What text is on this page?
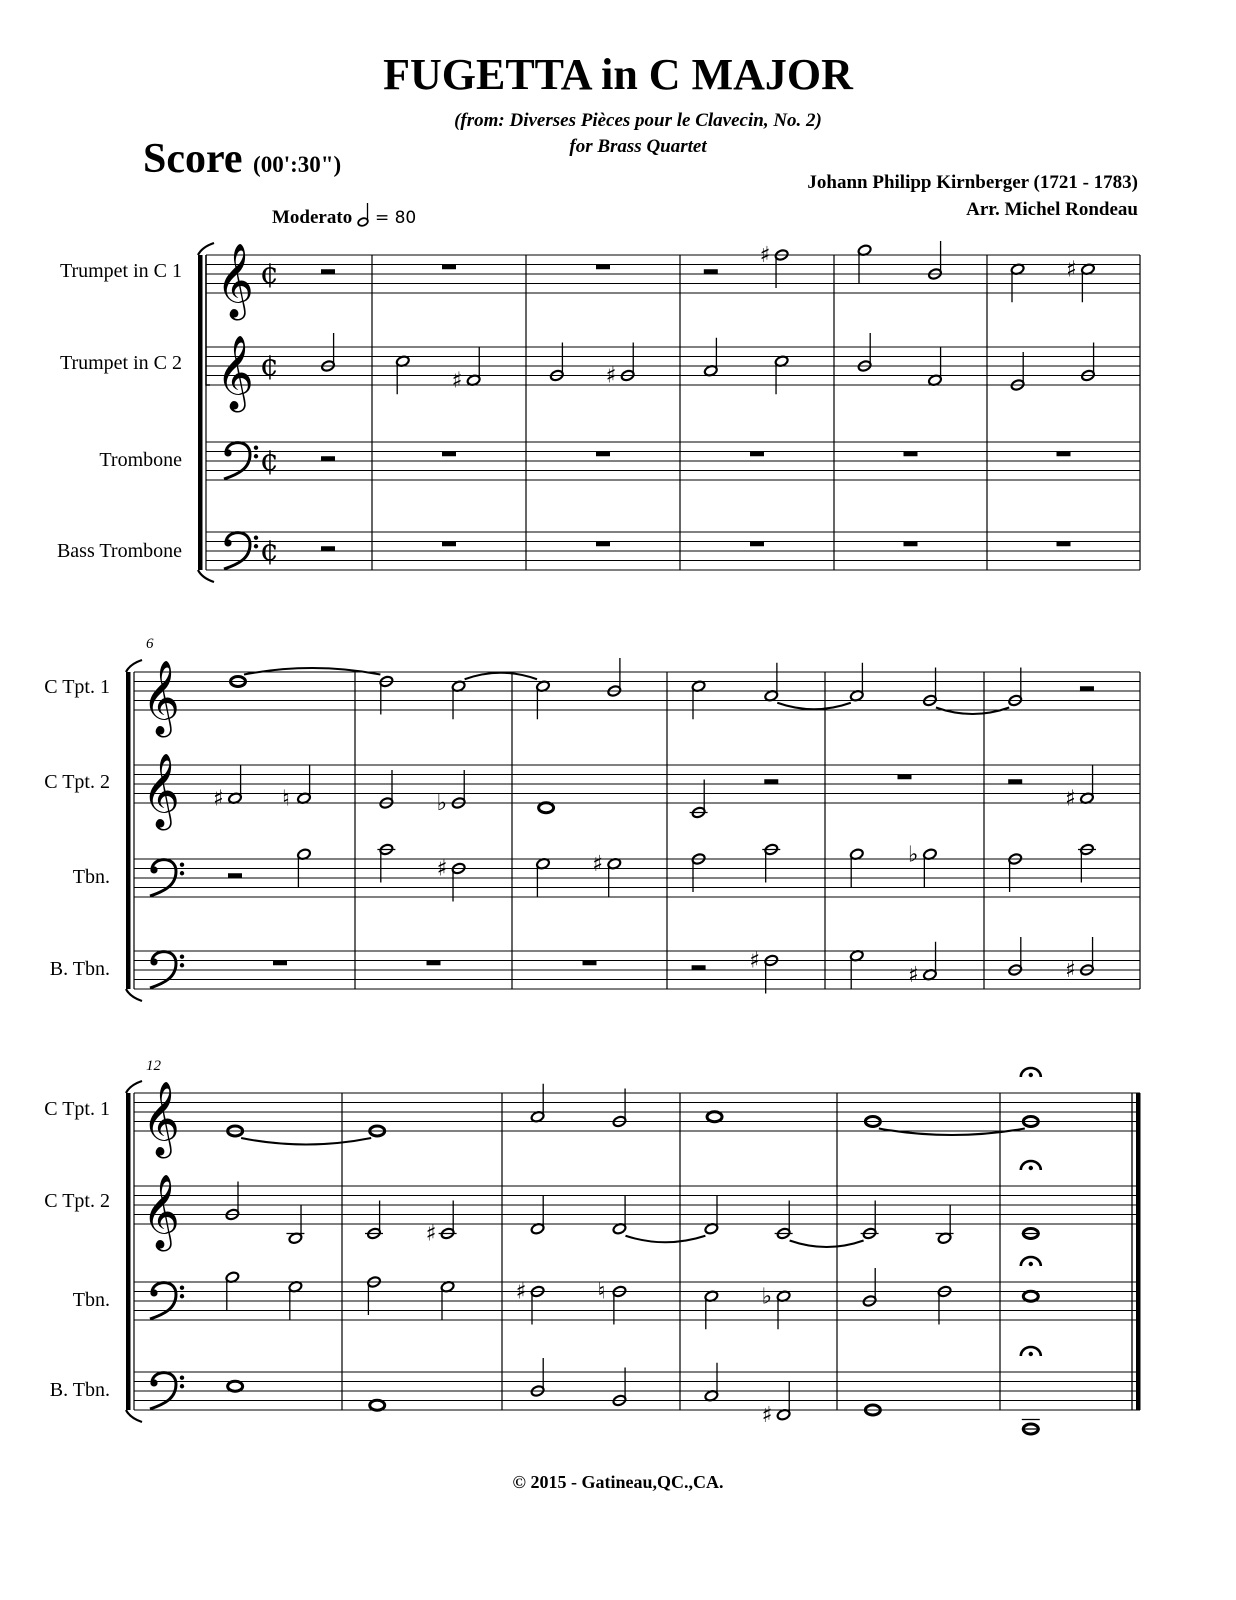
FUGETTA in C MAJOR
(from: Diverses Pièces pour le Clavecin, No. 2)
for Brass Quartet
Score (00':30")
Johann Philipp Kirnberger (1721 - 1783)
Arr. Michel Rondeau
Moderato = 80
Trumpet in C 1
Trumpet in C 2
Trombone
Bass Trombone
C Tpt. 1
C Tpt. 2
Tbn.
B. Tbn.
C Tpt. 1
C Tpt. 2
Tbn.
B. Tbn.
6
12
𝄞 ¢
𝄞 ¢
¢
¢
♯	♯
♯
♯
𝄞
𝄞 ♯	♮	♭
♯	♯
♯
♭
♯
♯
♯
𝄞
𝄞	♯
♯	♮	♭
♯
© 2015 - Gatineau,QC.,CA.
